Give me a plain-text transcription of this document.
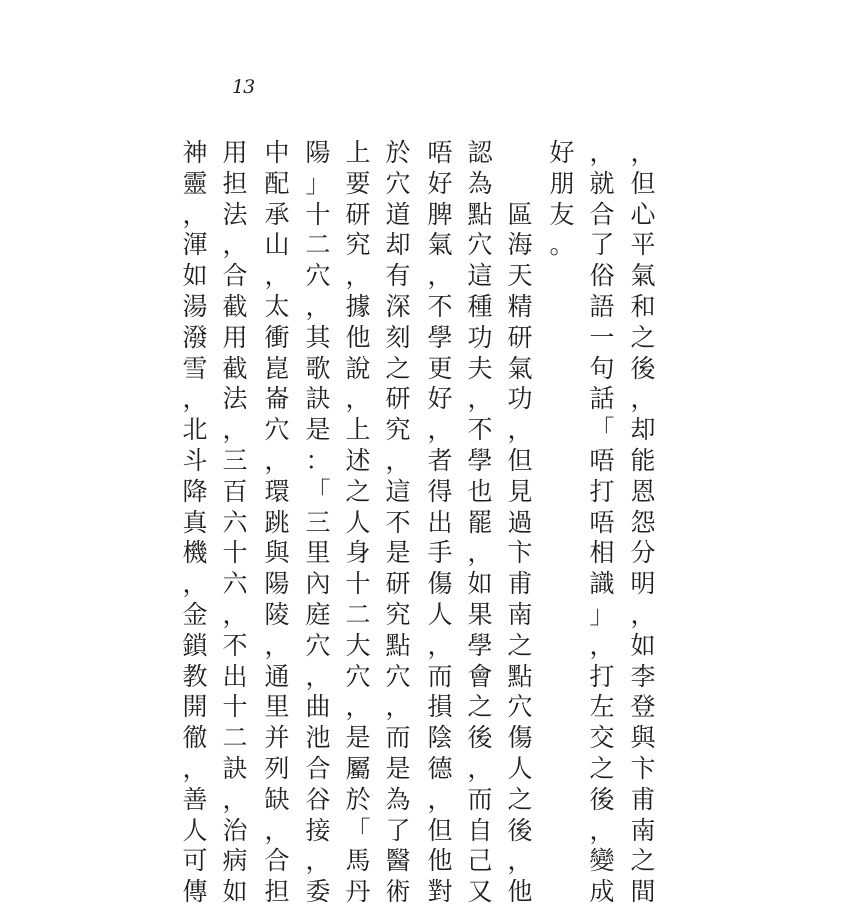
13
，
但
心
平
氣
和
之
後
，
却
能
恩
怨
分
明
，
如
李
登
與
卞
甫
南
之
間
，
就
合
了
俗
語
一
句
話
「
唔
打
唔
相
識
」
，
打
左
交
之
後
，
變
成
好
朋
友
。

區
海
天
精
研
氣
功
，
但
見
過
卞
甫
南
之
點
穴
傷
人
之
後
，
他
認
為
點
穴
這
種
功
夫
，
不
學
也
罷
，
如
果
學
會
之
後
，
而
自
己
又
唔
好
脾
氣
，
不
學
更
好
，
者
得
出
手
傷
人
，
而
損
陰
德
，
但
他
對
於
穴
道
却
有
深
刻
之
研
究
，
這
不
是
研
究
點
穴
，
而
是
為
了
醫
術
上
要
研
究
，
據
他
說
，
上
述
之
人
身
十
二
大
穴
，
是
屬
於
「
馬
丹
陽
」
十
二
穴
，
其
歌
訣
是
：
「
三
里
內
庭
穴
，
曲
池
合
谷
接
，
委
中
配
承
山
，
太
衝
崑
崙
穴
，
環
跳
與
陽
陵
，
通
里
并
列
缺
，
合
担
用
担
法
，
合
截
用
截
法
，
三
百
六
十
六
，
不
出
十
二
訣
，
治
病
如
神
靈
，
渾
如
湯
潑
雪
，
北
斗
降
真
機
，
金
鎖
教
開
徹
，
善
人
可
傳
